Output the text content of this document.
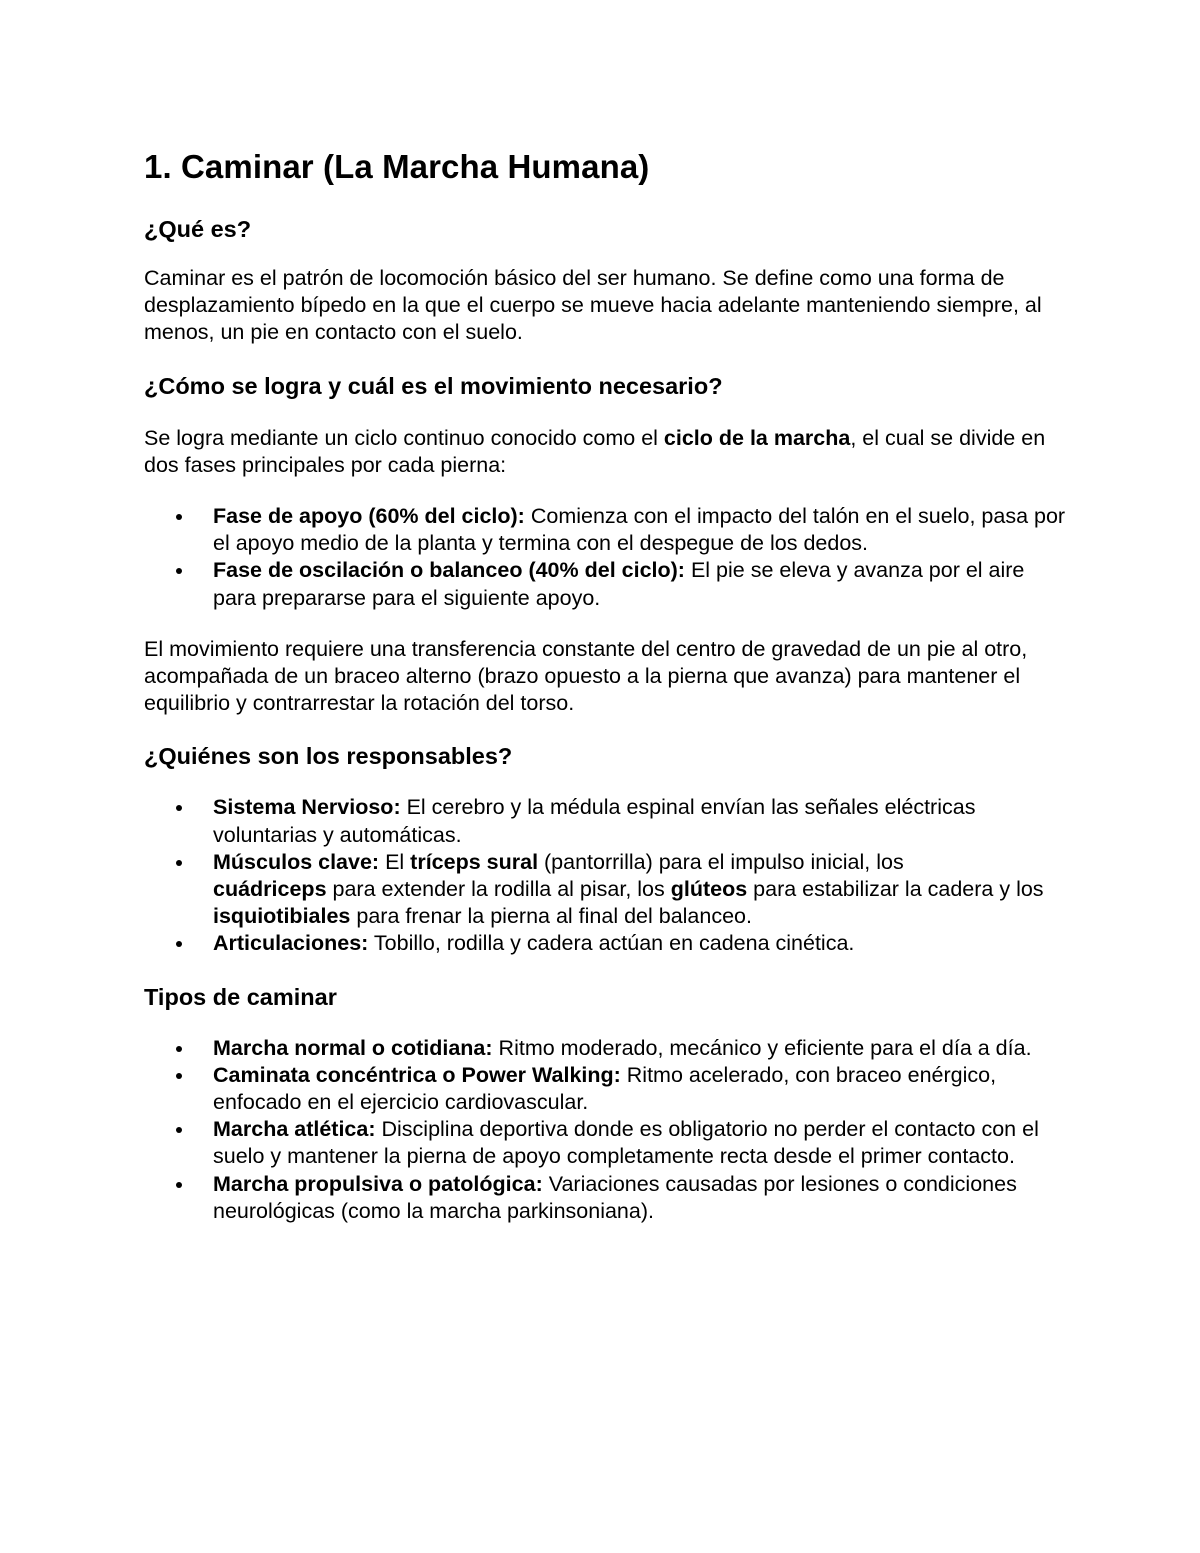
1. Caminar (La Marcha Humana)
¿Qué es?

Caminar es el patrón de locomoción básico del ser humano. Se define como una forma de desplazamiento bípedo en la que el cuerpo se mueve hacia adelante manteniendo siempre, al menos, un pie en contacto con el suelo.

¿Cómo se logra y cuál es el movimiento necesario?

Se logra mediante un ciclo continuo conocido como el ciclo de la marcha, el cual se divide en dos fases principales por cada pierna:

Fase de apoyo (60% del ciclo): Comienza con el impacto del talón en el suelo, pasa por el apoyo medio de la planta y termina con el despegue de los dedos.
Fase de oscilación o balanceo (40% del ciclo): El pie se eleva y avanza por el aire para prepararse para el siguiente apoyo.

El movimiento requiere una transferencia constante del centro de gravedad de un pie al otro, acompañada de un braceo alterno (brazo opuesto a la pierna que avanza) para mantener el equilibrio y contrarrestar la rotación del torso.

¿Quiénes son los responsables?
Sistema Nervioso: El cerebro y la médula espinal envían las señales eléctricas voluntarias y automáticas.
Músculos clave: El tríceps sural (pantorrilla) para el impulso inicial, los
cuádriceps para extender la rodilla al pisar, los glúteos para estabilizar la cadera y los isquiotibiales para frenar la pierna al final del balanceo.
Articulaciones: Tobillo, rodilla y cadera actúan en cadena cinética.
Tipos de caminar
Marcha normal o cotidiana: Ritmo moderado, mecánico y eficiente para el día a día.
Caminata concéntrica o Power Walking: Ritmo acelerado, con braceo enérgico, enfocado en el ejercicio cardiovascular.
Marcha atlética: Disciplina deportiva donde es obligatorio no perder el contacto con el suelo y mantener la pierna de apoyo completamente recta desde el primer contacto.
Marcha propulsiva o patológica: Variaciones causadas por lesiones o condiciones neurológicas (como la marcha parkinsoniana).
